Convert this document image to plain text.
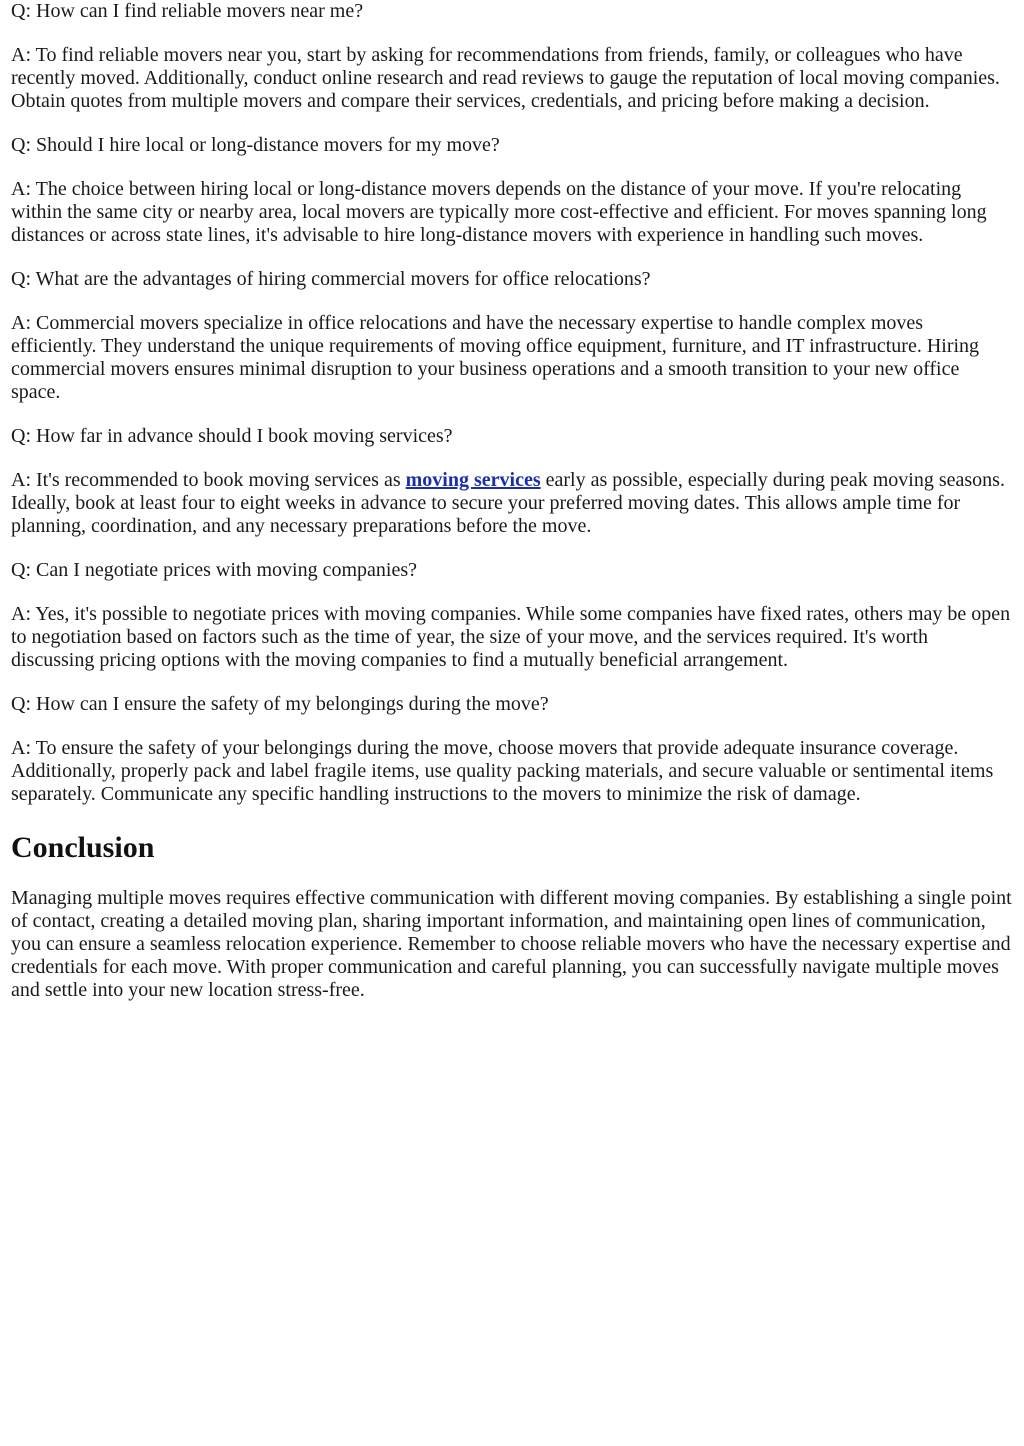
Q: How can I find reliable movers near me?

A: To find reliable movers near you, start by asking for recommendations from friends, family, or colleagues who have recently moved. Additionally, conduct online research and read reviews to gauge the reputation of local moving companies. Obtain quotes from multiple movers and compare their services, credentials, and pricing before making a decision.

Q: Should I hire local or long-distance movers for my move?

A: The choice between hiring local or long-distance movers depends on the distance of your move. If you're relocating within the same city or nearby area, local movers are typically more cost-effective and efficient. For moves spanning long distances or across state lines, it's advisable to hire long-distance movers with experience in handling such moves.

Q: What are the advantages of hiring commercial movers for office relocations?

A: Commercial movers specialize in office relocations and have the necessary expertise to handle complex moves efficiently. They understand the unique requirements of moving office equipment, furniture, and IT infrastructure. Hiring commercial movers ensures minimal disruption to your business operations and a smooth transition to your new office space.

Q: How far in advance should I book moving services?

A: It's recommended to book moving services as moving services early as possible, especially during peak moving seasons. Ideally, book at least four to eight weeks in advance to secure your preferred moving dates. This allows ample time for planning, coordination, and any necessary preparations before the move.

Q: Can I negotiate prices with moving companies?

A: Yes, it's possible to negotiate prices with moving companies. While some companies have fixed rates, others may be open to negotiation based on factors such as the time of year, the size of your move, and the services required. It's worth discussing pricing options with the moving companies to find a mutually beneficial arrangement.

Q: How can I ensure the safety of my belongings during the move?

A: To ensure the safety of your belongings during the move, choose movers that provide adequate insurance coverage. Additionally, properly pack and label fragile items, use quality packing materials, and secure valuable or sentimental items separately. Communicate any specific handling instructions to the movers to minimize the risk of damage.

Conclusion

Managing multiple moves requires effective communication with different moving companies. By establishing a single point of contact, creating a detailed moving plan, sharing important information, and maintaining open lines of communication, you can ensure a seamless relocation experience. Remember to choose reliable movers who have the necessary expertise and credentials for each move. With proper communication and careful planning, you can successfully navigate multiple moves and settle into your new location stress-free.
